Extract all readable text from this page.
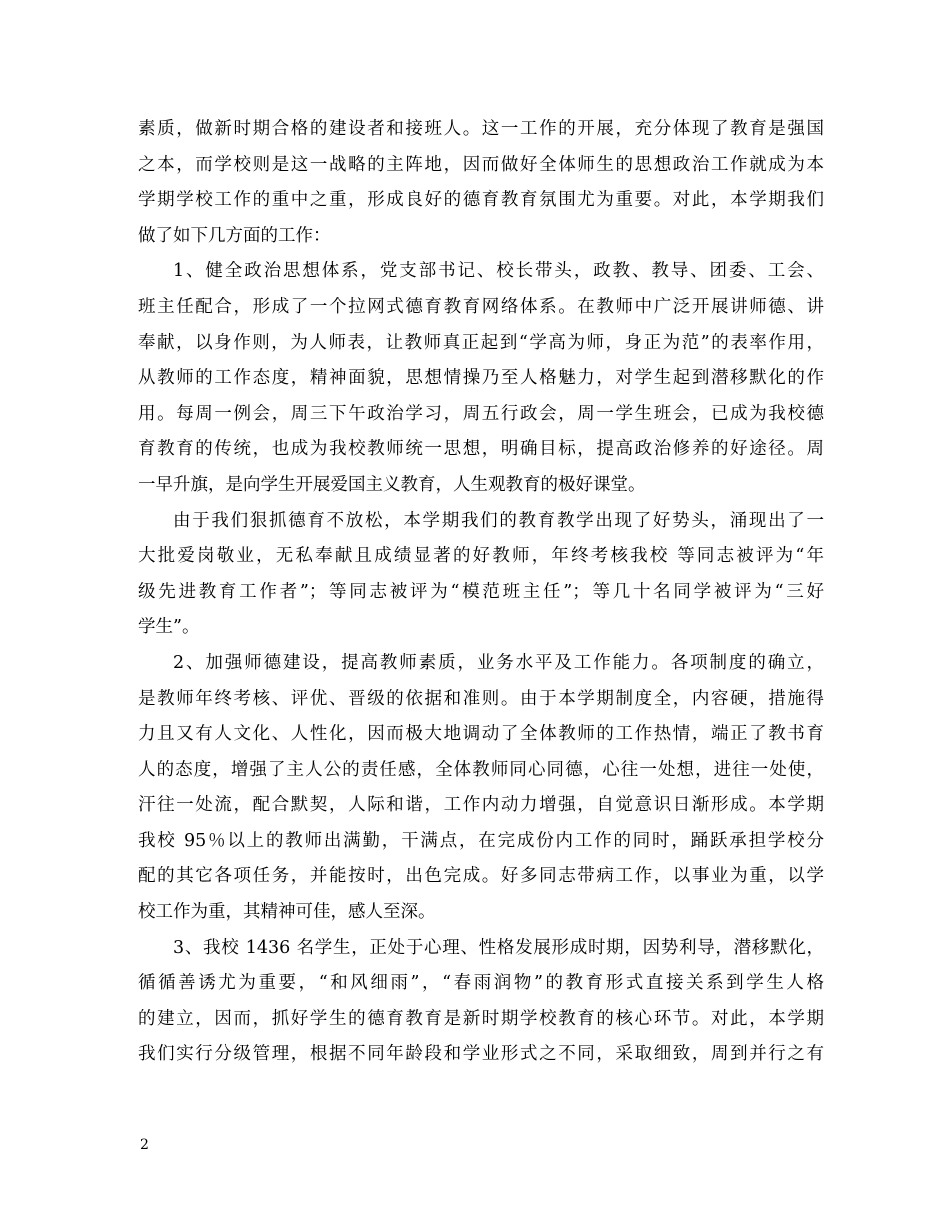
素质，做新时期合格的建设者和接班人。这一工作的开展，充分体现了教育是强国
之本，而学校则是这一战略的主阵地，因而做好全体师生的思想政治工作就成为本
学期学校工作的重中之重，形成良好的德育教育氛围尤为重要。对此，本学期我们
做了如下几方面的工作：
1、健全政治思想体系，党支部书记、校长带头，政教、教导、团委、工会、
班主任配合，形成了一个拉网式德育教育网络体系。在教师中广泛开展讲师德、讲
奉献，以身作则，为人师表，让教师真正起到“学高为师，身正为范”的表率作用，
从教师的工作态度，精神面貌，思想情操乃至人格魅力，对学生起到潜移默化的作
用。每周一例会，周三下午政治学习，周五行政会，周一学生班会，已成为我校德
育教育的传统，也成为我校教师统一思想，明确目标，提高政治修养的好途径。周
一早升旗，是向学生开展爱国主义教育，人生观教育的极好课堂。
由于我们狠抓德育不放松，本学期我们的教育教学出现了好势头，涌现出了一
大批爱岗敬业，无私奉献且成绩显著的好教师，年终考核我校 等同志被评为“年
级先进教育工作者”；等同志被评为“模范班主任”；等几十名同学被评为“三好
学生”。
2、加强师德建设，提高教师素质，业务水平及工作能力。各项制度的确立，
是教师年终考核、评优、晋级的依据和准则。由于本学期制度全，内容硬，措施得
力且又有人文化、人性化，因而极大地调动了全体教师的工作热情，端正了教书育
人的态度，增强了主人公的责任感，全体教师同心同德，心往一处想，进往一处使，
汗往一处流，配合默契，人际和谐，工作内动力增强，自觉意识日渐形成。本学期
我校 95％以上的教师出满勤，干满点，在完成份内工作的同时，踊跃承担学校分
配的其它各项任务，并能按时，出色完成。好多同志带病工作，以事业为重，以学
校工作为重，其精神可佳，感人至深。
3、我校 1436 名学生，正处于心理、性格发展形成时期，因势利导，潜移默化，
循循善诱尤为重要，“和风细雨”，“春雨润物”的教育形式直接关系到学生人格
的建立，因而，抓好学生的德育教育是新时期学校教育的核心环节。对此，本学期
我们实行分级管理，根据不同年龄段和学业形式之不同，采取细致，周到并行之有
2
